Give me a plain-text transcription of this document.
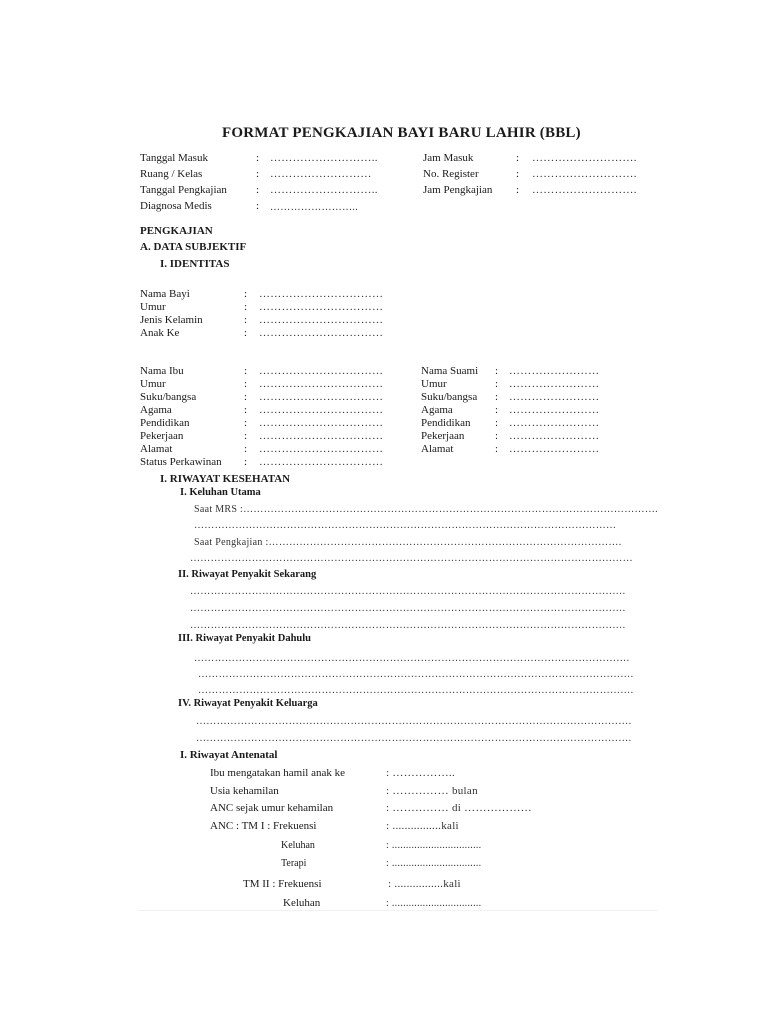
FORMAT PENGKAJIAN BAYI BARU LAHIR (BBL)
Tanggal Masuk	: ………………………..
Ruang / Kelas	: ………………………
Tanggal Pengkajian	: ………………………..
Diagnosa Medis	: ……………………..
Jam Masuk	: ……………………….
No. Register	: ……………………….
Jam Pengkajian : ……………………….
PENGKAJIAN
A. DATA SUBJEKTIF
I. IDENTITAS
Nama Bayi	: ……………………………
Umur	: ……………………………
Jenis Kelamin	: ……………………………
Anak Ke	: ……………………………
Nama Ibu	: ……………………………
Umur	: ……………………………
Suku/bangsa	: ……………………………
Agama	: ……………………………
Pendidikan	: ……………………………
Pekerjaan	: ……………………………
Alamat	: ……………………………
Status Perkawinan : ……………………………
Nama Suami : ……………………
Umur	: ……………………
Suku/bangsa : ……………………
Agama	: ……………………
Pendidikan : ……………………
Pekerjaan	: ……………………
Alamat	: ……………………
I. RIWAYAT KESEHATAN
I. Keluhan Utama
Saat MRS :………………………………………………………………………………………………………….
……………………………………………………………………………………………………………
Saat Pengkajian :………………………………………………………………………………………….
…………………………………………………………………………………………………………………
II. Riwayat Penyakit Sekarang
……………………………………………………………………………………………………………….
……………………………………………………………………………………………………………….
……………………………………………………………………………………………………………….
III. Riwayat Penyakit Dahulu
……………………………………………………………………………………………………………….
……………………………………………………………………………………………………………….
……………………………………………………………………………………………………………….
IV. Riwayat Penyakit Keluarga
……………………………………………………………………………………………………………….
……………………………………………………………………………………………………………….
I. Riwayat Antenatal
Ibu mengatakan hamil anak ke	: ……………..
Usia kehamilan	: …………… bulan
ANC sejak umur kehamilan	: …………… di ………………
ANC : TM I : Frekuensi	: ................kali
Keluhan	: ................................
Terapi	: ................................
TM II : Frekuensi	: ................kali
Keluhan	: ................................
